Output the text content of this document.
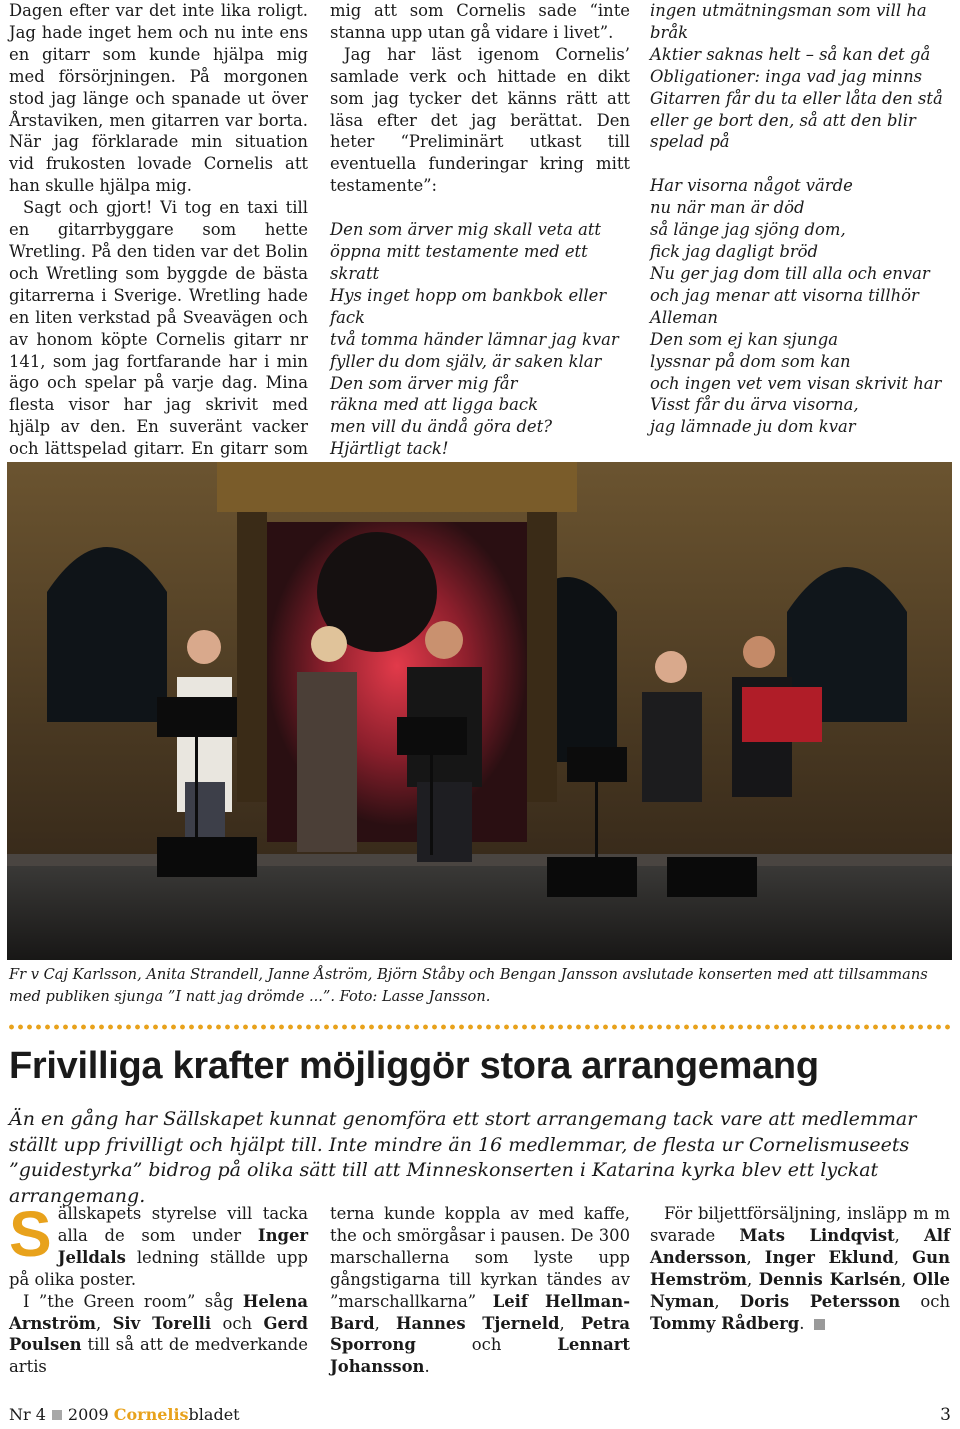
Dagen efter var det inte lika roligt. Jag hade inget hem och nu inte ens en gitarr som kunde hjälpa mig med försörjningen. På morgonen stod jag länge och spanade ut över Årstaviken, men gitarren var borta. När jag förklarade min situation vid frukosten lovade Cornelis att han skulle hjälpa mig.

Sagt och gjort! Vi tog en taxi till en gitarrbyggare som hette Wretling. På den tiden var det Bolin och Wretling som byggde de bästa gitarrerna i Sverige. Wretling hade en liten verkstad på Sveavägen och av honom köpte Cornelis gitarr nr 141, som jag fortfarande har i min ägo och spelar på varje dag. Mina flesta visor har jag skrivit med hjälp av den. En suveränt vacker och lättspelad gitarr. En gitarr som

mig att som Cornelis sade “inte stanna upp utan gå vidare i livet”.

Jag har läst igenom Cornelis’ samlade verk och hittade en dikt som jag tycker det känns rätt att läsa efter det jag berättat. Den heter “Preliminärt utkast till eventuella funderingar kring mitt testamente”:

Den som ärver mig skall veta att
öppna mitt testamente med ett skratt
Hys inget hopp om bankbok eller fack
två tomma händer lämnar jag kvar
fyller du dom själv, är saken klar
Den som ärver mig får
räkna med att ligga back
men vill du ändå göra det?
Hjärtligt tack!
ingen utmätningsman som vill ha bråk
Aktier saknas helt – så kan det gå
Obligationer: inga vad jag minns
Gitarren får du ta eller låta den stå
eller ge bort den, så att den blir spelad på
Har visorna något värde
nu när man är död
så länge jag sjöng dom,
fick jag dagligt bröd
Nu ger jag dom till alla och envar
och jag menar att visorna tillhör Alleman
Den som ej kan sjunga
lyssnar på dom som kan
och ingen vet vem visan skrivit har
Visst får du ärva visorna,
jag lämnade ju dom kvar

Fr v Caj Karlsson, Anita Strandell, Janne Åström, Björn Ståby och Bengan Jansson avslutade konserten med att tillsammans med publiken sjunga ”I natt jag drömde ...”. Foto: Lasse Jansson.
Frivilliga krafter möjliggör stora arrangemang
Än en gång har Sällskapet kunnat genomföra ett stort arrangemang tack vare att medlemmar ställt upp frivilligt och hjälpt till. Inte mindre än 16 medlemmar, de flesta ur Cornelismuseets ”guidestyrka” bidrog på olika sätt till att Minneskonserten i Katarina kyrka blev ett lyckat arrangemang.

Sällskapets styrelse vill tacka alla de som under Inger Jelldals ledning ställde upp på olika poster.

I ”the Green room” såg Helena Arnström, Siv Torelli och Gerd Poulsen till så att de medverkande artis

För biljettförsäljning, insläpp m m svarade Mats Lindqvist, Alf Andersson, Inger Eklund, Gun Hemström, Dennis Karlsén, Olle Nyman, Doris Petersson och Tommy Rådberg.

terna kunde koppla av med kaffe, the och smörgåsar i pausen. De 300 marschallerna som lyste upp gångstigarna till kyrkan tändes av ”marschallkarna” Leif Hellman-Bard, Hannes Tjerneld, Petra Sporrong	och	Lennart Johansson.

Nr 4 2009 Cornelisbladet	3
